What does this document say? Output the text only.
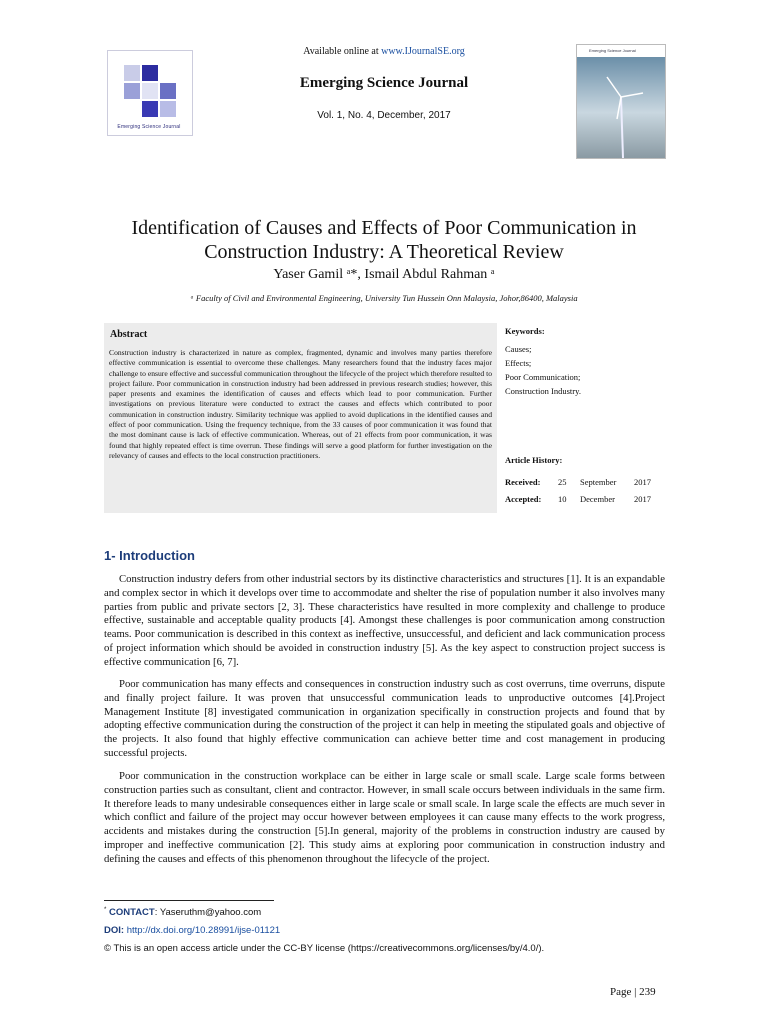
Emerging Science Journal
Available online at www.IJournalSE.org
Emerging Science Journal
Vol. 1, No. 4, December, 2017
Emerging Science Journal
Identification of Causes and Effects of Poor Communication in Construction Industry: A Theoretical Review
Yaser Gamil ᵃ*, Ismail Abdul Rahman ᵃ
ᵃ Faculty of Civil and Environmental Engineering, University Tun Hussein Onn Malaysia, Johor,86400, Malaysia
Abstract
Construction industry is characterized in nature as complex, fragmented, dynamic and involves many parties therefore effective communication is essential to overcome these challenges. Many researchers found that the industry faces major challenge to ensure effective and successful communication throughout the lifecycle of the project which therefore resulted to project failure. Poor communication in construction industry had been addressed in previous research studies; however, this paper presents and examines the identification of causes and effects which lead to poor communication. Further investigations on previous literature were conducted to extract the causes and effects which contributed to poor communication in construction industry. Similarity technique was applied to avoid duplications in the identified causes and effect of poor communication. Using the frequency technique, from the 33 causes of poor communication it was found that the most dominant cause is lack of effective communication. Whereas, out of 21 effects from poor communication, it was found that highly repeated effect is time overrun. These findings will serve a good platform for further investigation on the relevancy of causes and effects to the local construction practitioners.
Keywords:
Causes;
Effects;
Poor Communication;
Construction Industry.
Article History:
Received: 25 September 2017
Accepted: 10 December 2017
1- Introduction
Construction industry defers from other industrial sectors by its distinctive characteristics and structures [1]. It is an expandable and complex sector in which it develops over time to accommodate and shelter the rise of population number it also involves many parties from public and private sectors [2, 3]. These characteristics have resulted in more complexity and challenge to produce effective, sustainable and acceptable quality products [4]. Amongst these challenges is poor communication among construction teams. Poor communication is described in this context as ineffective, unsuccessful, and deficient and lack communication process of project information which should be avoided in construction industry [5]. As the key aspect to construction project success is effective communication [6, 7].
Poor communication has many effects and consequences in construction industry such as cost overruns, time overruns, dispute and finally project failure. It was proven that unsuccessful communication leads to unproductive outcomes [4].Project Management Institute [8] investigated communication in organization specifically in construction projects and found that by adopting effective communication during the construction of the project it can help in meeting the stipulated goals and objective of the projects. It also found that highly effective communication can achieve better time and cost management in producing successful projects.
Poor communication in the construction workplace can be either in large scale or small scale. Large scale forms between construction parties such as consultant, client and contractor. However, in small scale occurs between individuals in the same firm. It therefore leads to many undesirable consequences either in large scale or small scale. In large scale the effects are much sever in which conflict and failure of the project may occur however between employees it can cause many effects to the work progress, accidents and mistakes during the construction [5].In general, majority of the problems in construction industry are caused by improper and ineffective communication [2]. This study aims at exploring poor communication in construction industry and defining the causes and effects of this phenomenon throughout the lifecycle of the project.
* CONTACT: Yaseruthm@yahoo.com
DOI: http://dx.doi.org/10.28991/ijse-01121
© This is an open access article under the CC-BY license (https://creativecommons.org/licenses/by/4.0/).
Page | 239
